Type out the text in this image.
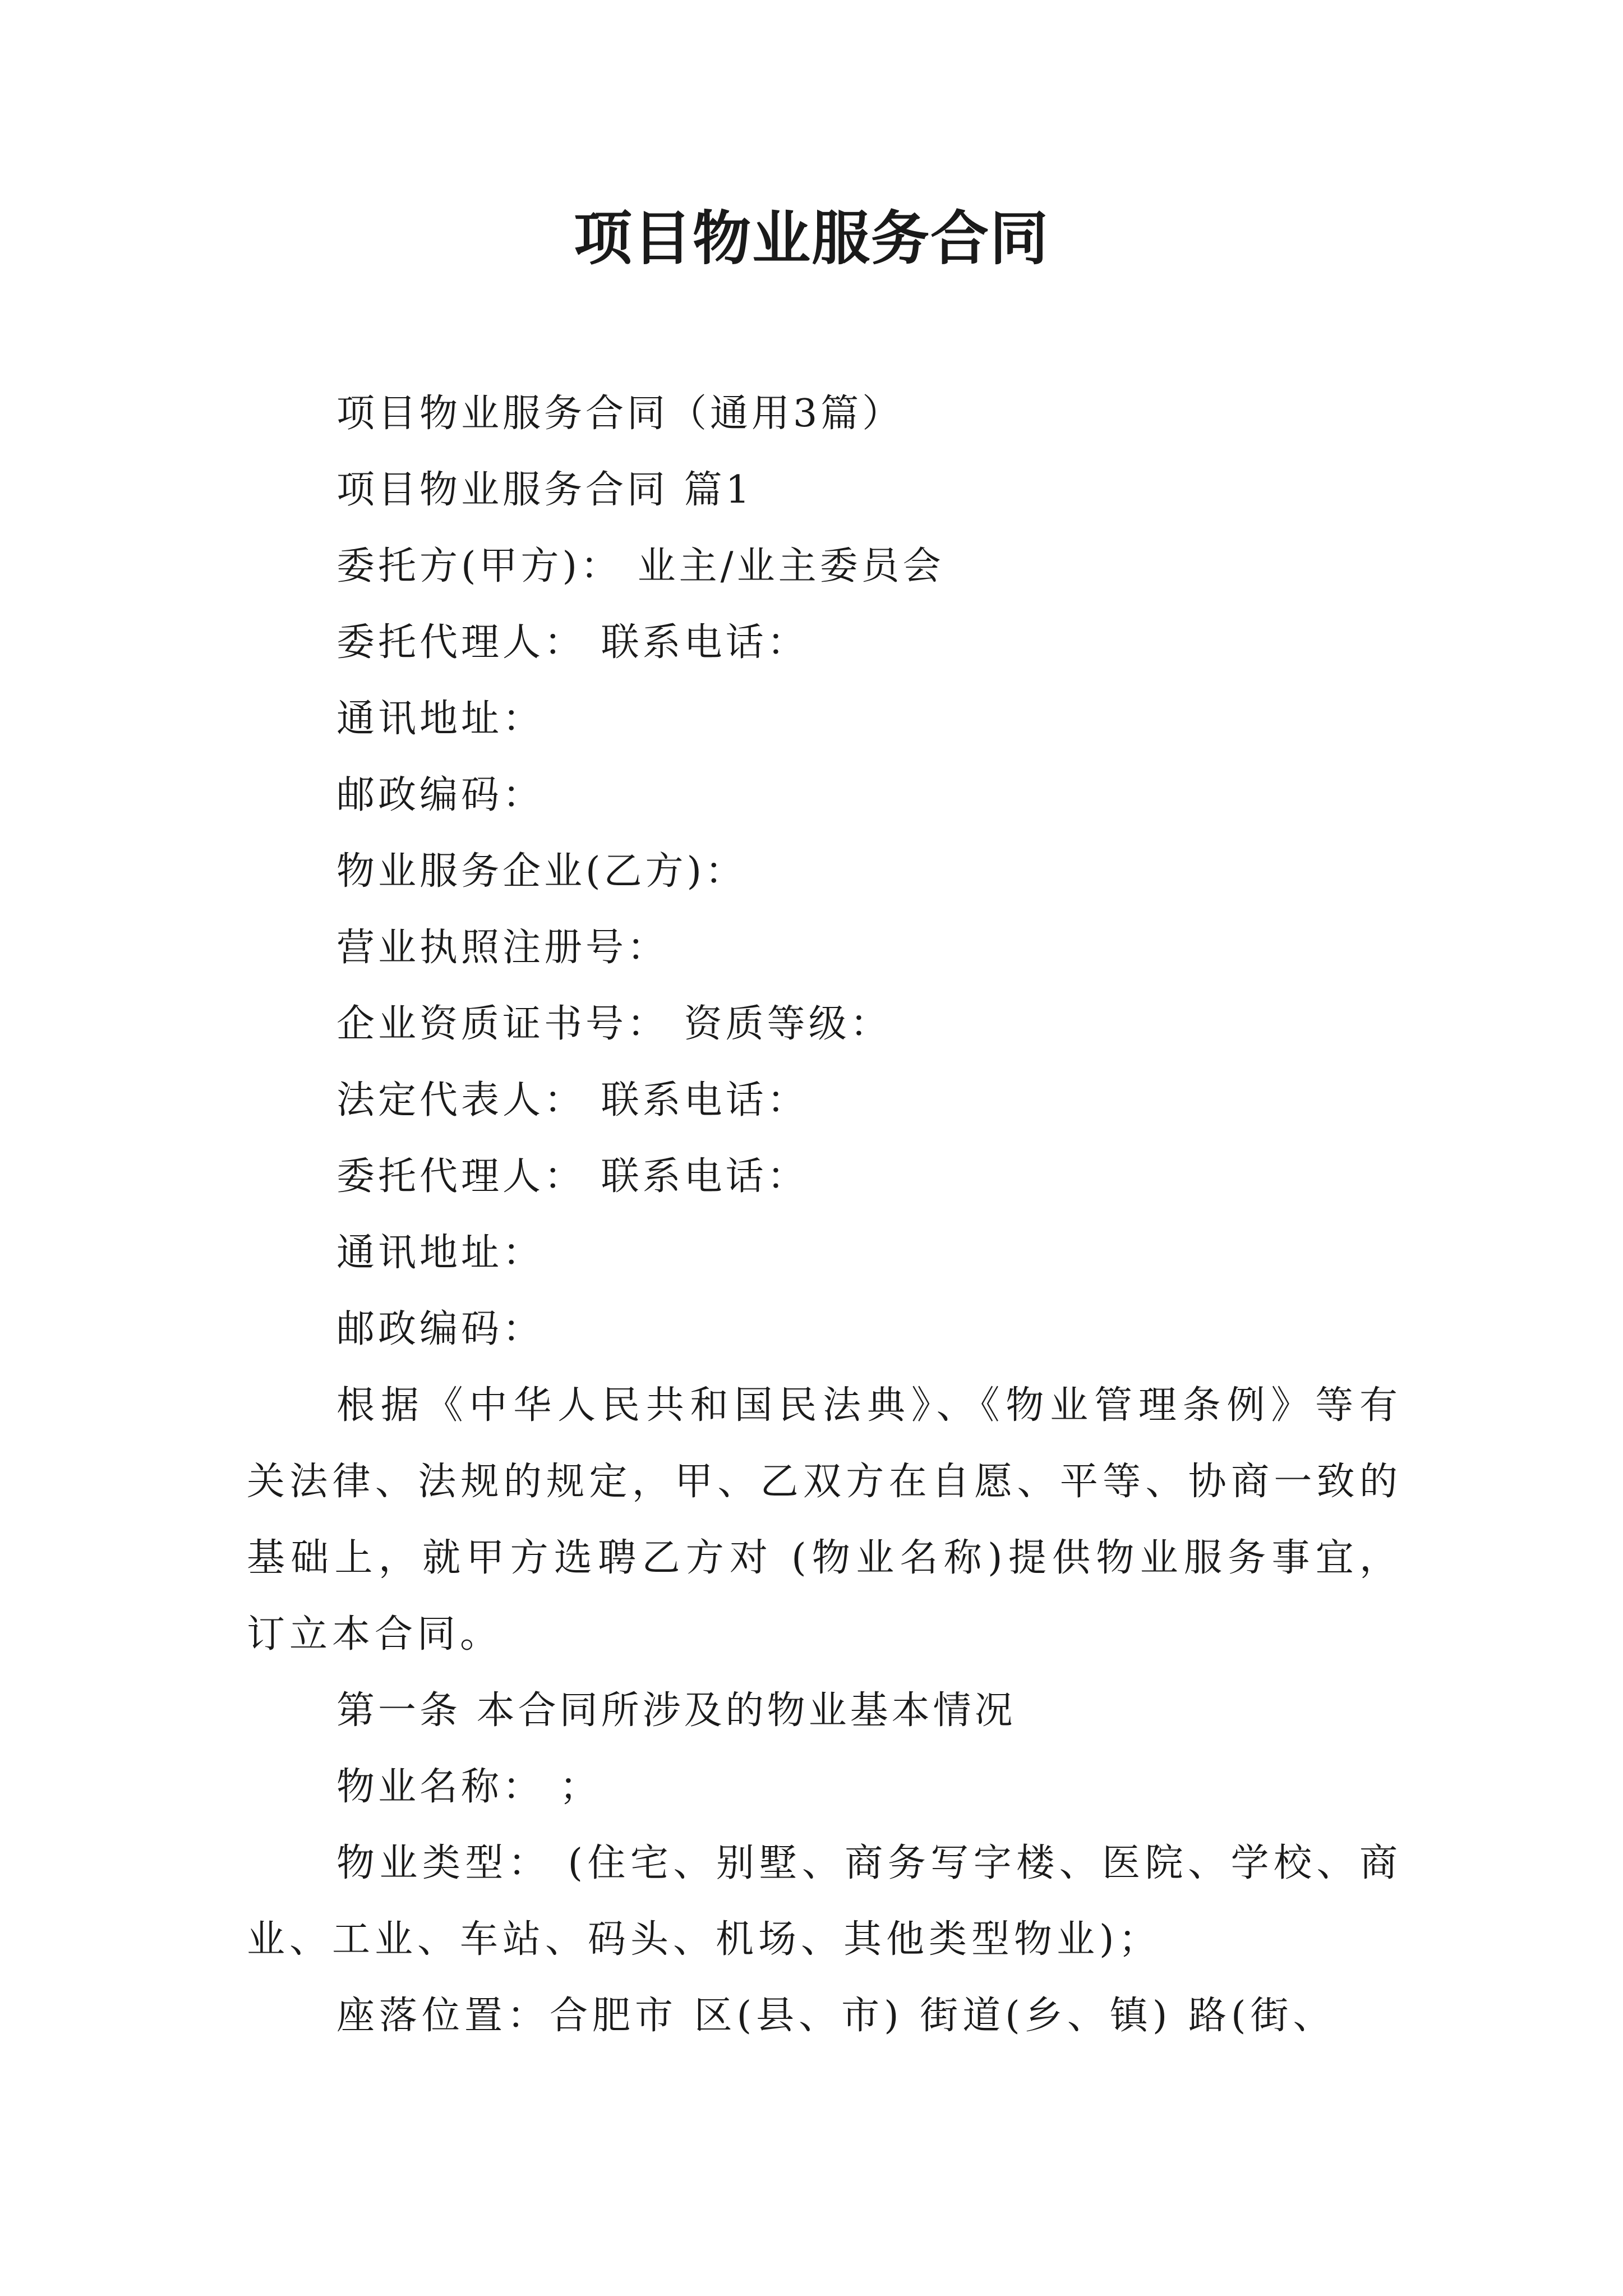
项目物业服务合同

项目物业服务合同（通用3篇）

项目物业服务合同 篇1

委托方(甲方)： 业主/业主委员会

委托代理人： 联系电话：

通讯地址：

邮政编码：

物业服务企业(乙方)：

营业执照注册号：

企业资质证书号： 资质等级：

法定代表人： 联系电话：

委托代理人： 联系电话：

通讯地址：

邮政编码：

根据《中华人民共和国民法典》、《物业管理条例》等有关法律、法规的规定，甲、乙双方在自愿、平等、协商一致的基础上，就甲方选聘乙方对 (物业名称)提供物业服务事宜，订立本合同。

第一条 本合同所涉及的物业基本情况

物业名称： ；

物业类型： (住宅、别墅、商务写字楼、医院、学校、商业、工业、车站、码头、机场、其他类型物业)；

座落位置：合肥市 区(县、市) 街道(乡、镇) 路(街、
